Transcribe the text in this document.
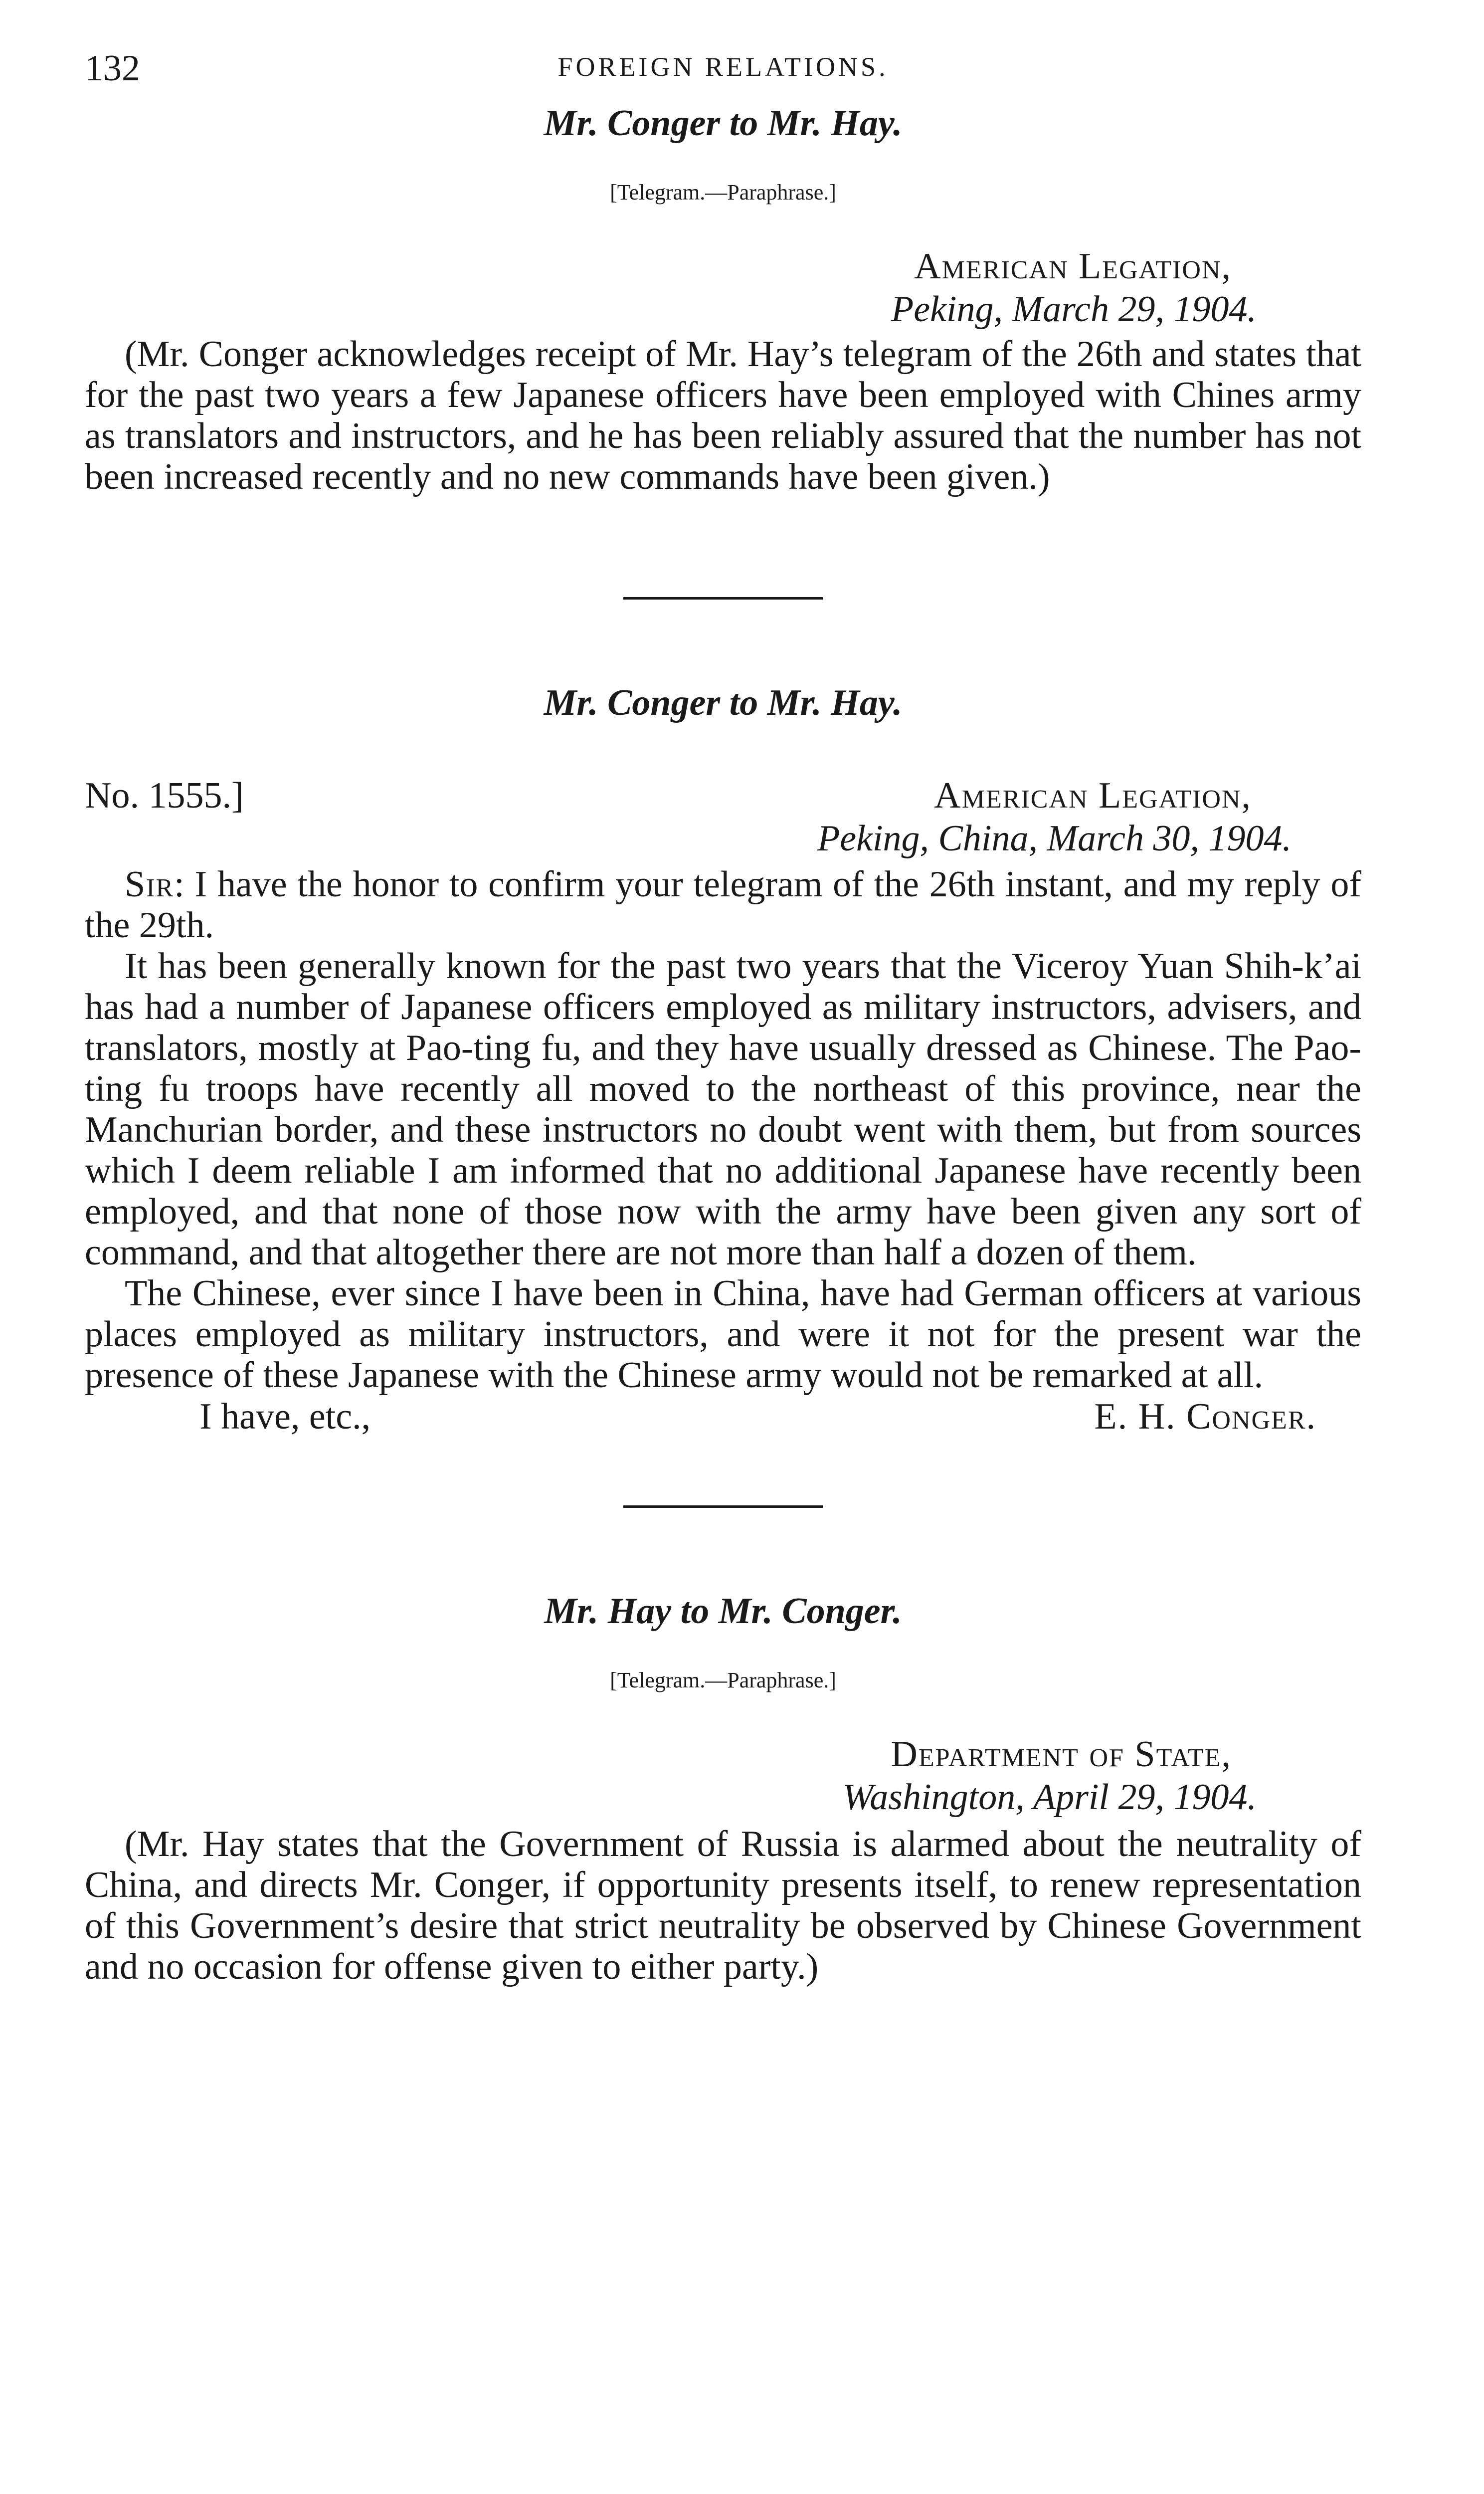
132	FOREIGN RELATIONS.
Mr. Conger to Mr. Hay.
[Telegram.—Paraphrase.]
American Legation,
Peking, March 29, 1904.

(Mr. Conger acknowledges receipt of Mr. Hay’s telegram of the 26th and states that for the past two years a few Japanese officers have been employed with Chines army as translators and instructors, and he has been reliably assured that the number has not been increased recently and no new commands have been given.)

Mr. Conger to Mr. Hay.
No. 1555.]	American Legation,
Peking, China, March 30, 1904.

Sir: I have the honor to confirm your telegram of the 26th instant, and my reply of the 29th.

It has been generally known for the past two years that the Viceroy Yuan Shih-k’ai has had a number of Japanese officers employed as military instructors, advisers, and translators, mostly at Pao-ting fu, and they have usually dressed as Chinese. The Pao-ting fu troops have recently all moved to the northeast of this province, near the Manchurian border, and these instructors no doubt went with them, but from sources which I deem reliable I am informed that no additional Japanese have recently been employed, and that none of those now with the army have been given any sort of command, and that altogether there are not more than half a dozen of them.

The Chinese, ever since I have been in China, have had German officers at various places employed as military instructors, and were it not for the present war the presence of these Japanese with the Chinese army would not be remarked at all.

I have, etc.,	E. H. Conger.
Mr. Hay to Mr. Conger.
[Telegram.—Paraphrase.]
Department of State,
Washington, April 29, 1904.

(Mr. Hay states that the Government of Russia is alarmed about the neutrality of China, and directs Mr. Conger, if opportunity presents itself, to renew representation of this Government’s desire that strict neutrality be observed by Chinese Government and no occasion for offense given to either party.)
